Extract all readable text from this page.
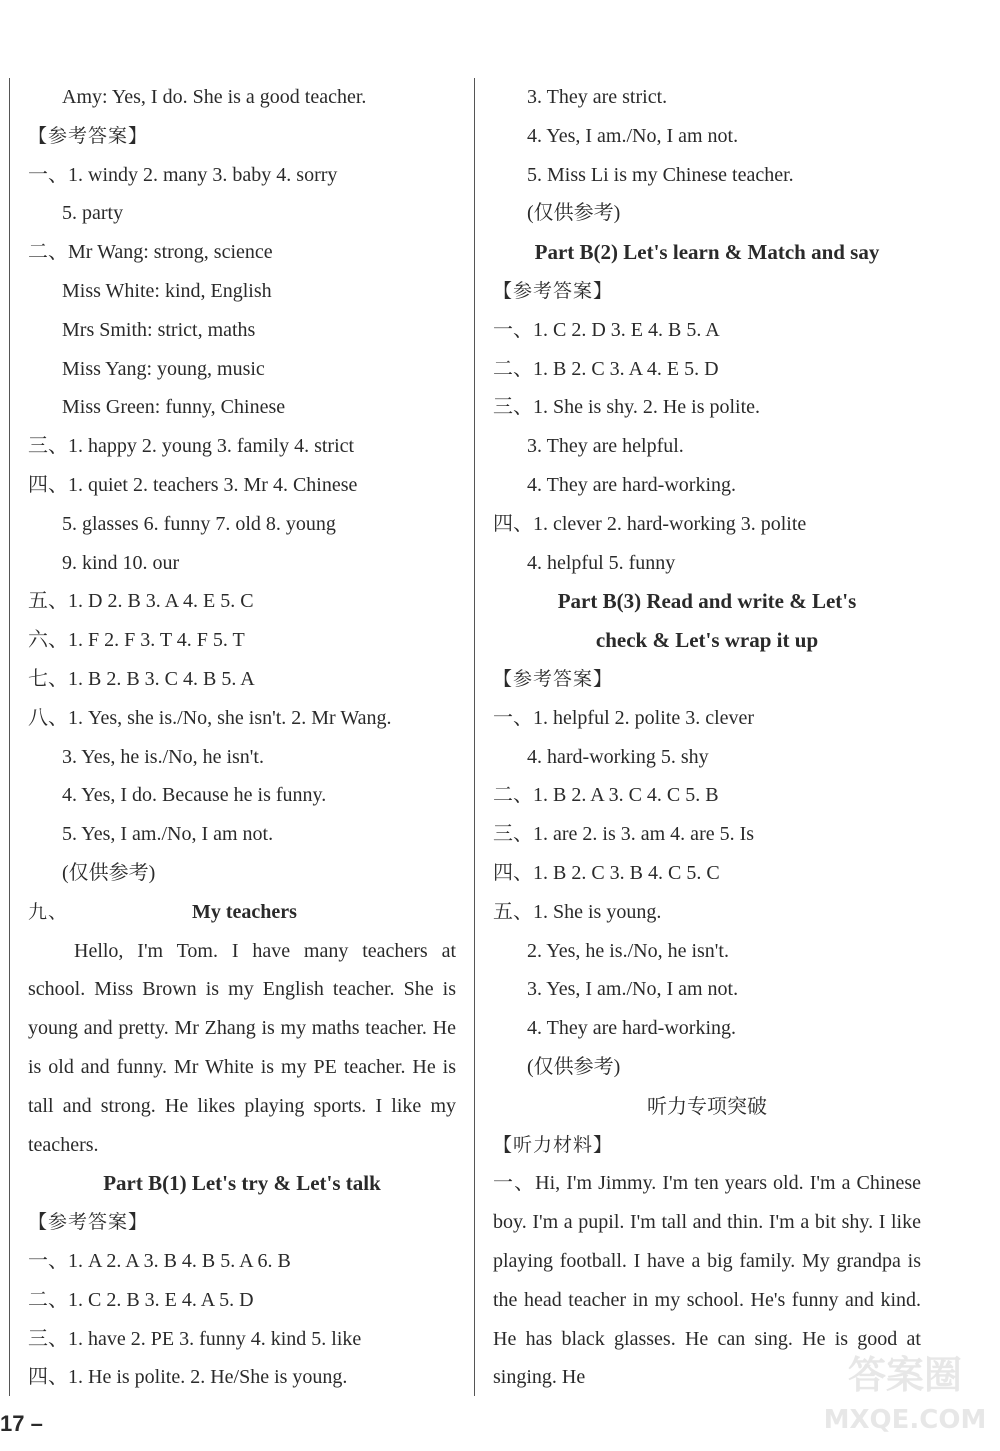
Amy: Yes, I do. She is a good teacher.
【参考答案】
一、1. windy 2. many 3. baby 4. sorry
5. party
二、Mr Wang: strong, science
Miss White: kind, English
Mrs Smith: strict, maths
Miss Yang: young, music
Miss Green: funny, Chinese
三、1. happy 2. young 3. family 4. strict
四、1. quiet 2. teachers 3. Mr 4. Chinese
5. glasses 6. funny 7. old 8. young
9. kind 10. our
五、1. D 2. B 3. A 4. E 5. C
六、1. F 2. F 3. T 4. F 5. T
七、1. B 2. B 3. C 4. B 5. A
八、1. Yes, she is./No, she isn't. 2. Mr Wang.
3. Yes, he is./No, he isn't.
4. Yes, I do. Because he is funny.
5. Yes, I am./No, I am not.
(仅供参考)
九、	My teachers
Hello, I'm Tom. I have many teachers at school. Miss Brown is my English teacher. She is young and pretty. Mr Zhang is my maths teacher. He is old and funny. Mr White is my PE teacher. He is tall and strong. He likes playing sports. I like my teachers.
Part B(1) Let's try & Let's talk
【参考答案】
一、1. A 2. A 3. B 4. B 5. A 6. B
二、1. C 2. B 3. E 4. A 5. D
三、1. have 2. PE 3. funny 4. kind 5. like
四、1. He is polite. 2. He/She is young.
3. They are strict.
4. Yes, I am./No, I am not.
5. Miss Li is my Chinese teacher.
(仅供参考)
Part B(2) Let's learn & Match and say
【参考答案】
一、1. C 2. D 3. E 4. B 5. A
二、1. B 2. C 3. A 4. E 5. D
三、1. She is shy. 2. He is polite.
3. They are helpful.
4. They are hard-working.
四、1. clever 2. hard-working 3. polite
4. helpful 5. funny
Part B(3) Read and write & Let's
check & Let's wrap it up
【参考答案】
一、1. helpful 2. polite 3. clever
4. hard-working 5. shy
二、1. B 2. A 3. C 4. C 5. B
三、1. are 2. is 3. am 4. are 5. Is
四、1. B 2. C 3. B 4. C 5. C
五、1. She is young.
2. Yes, he is./No, he isn't.
3. Yes, I am./No, I am not.
4. They are hard-working.
(仅供参考)
听力专项突破
【听力材料】
一、Hi, I'm Jimmy. I'm ten years old. I'm a Chinese boy. I'm a pupil. I'm tall and thin. I'm a bit shy. I like playing football. I have a big family. My grandpa is the head teacher in my school. He's funny and kind. He has black glasses. He can sing. He is good at singing. He
17 –
答案圈
MXQE.COM
